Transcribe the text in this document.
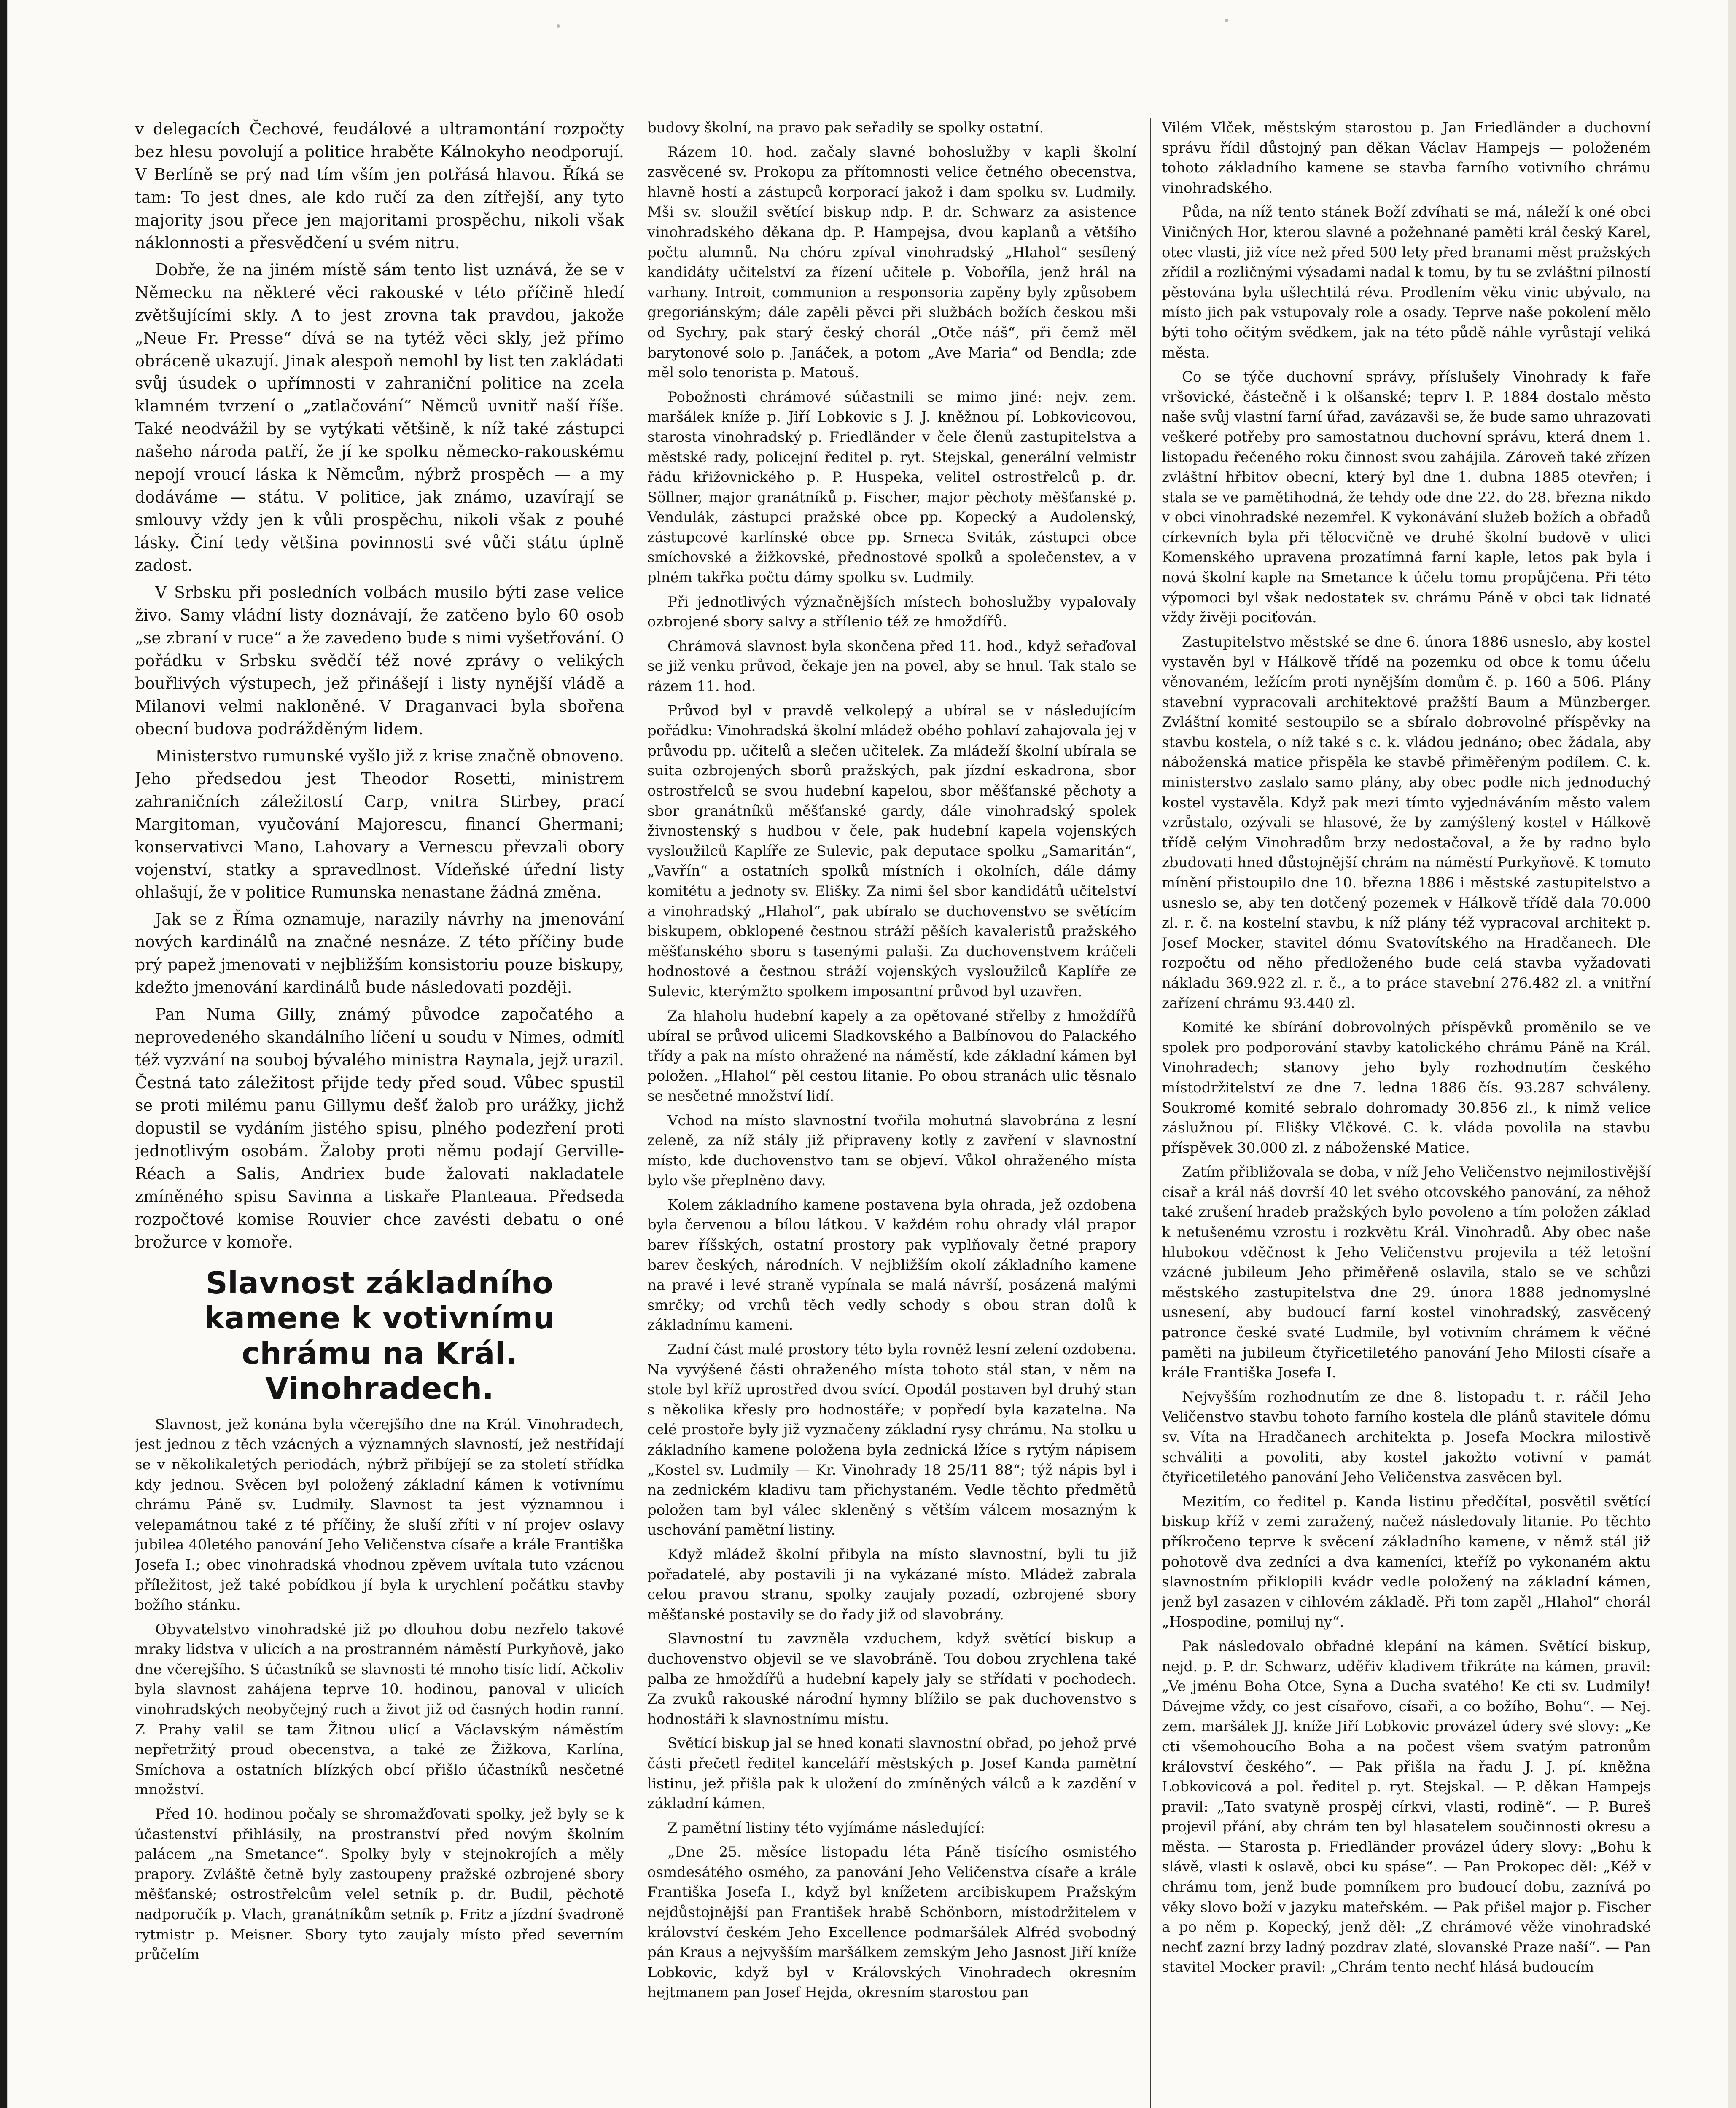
v delegacích Čechové, feudálové a ultramontání rozpočty bez hlesu povolují a politice hraběte Kálnokyho neodporují. V Berlíně se prý nad tím vším jen potřásá hlavou. Říká se tam: To jest dnes, ale kdo ručí za den zítřejší, any tyto majority jsou přece jen majoritami prospěchu, nikoli však náklonnosti a přesvědčení u svém nitru.

Dobře, že na jiném místě sám tento list uznává, že se v Německu na některé věci rakouské v této příčině hledí zvětšujícími skly. A to jest zrovna tak pravdou, jakože „Neue Fr. Presse“ dívá se na tytéž věci skly, jež přímo obráceně ukazují. Jinak alespoň nemohl by list ten zakládati svůj úsudek o upřímnosti v zahraniční politice na zcela klamném tvrzení o „zatlačování“ Němců uvnitř naší říše. Také neodvážil by se vytýkati většině, k níž také zástupci našeho národa patří, že jí ke spolku německo-rakouskému nepojí vroucí láska k Němcům, nýbrž prospěch — a my dodáváme — státu. V politice, jak známo, uzavírají se smlouvy vždy jen k vůli prospěchu, nikoli však z pouhé lásky. Činí tedy většina povinnosti své vůči státu úplně zadost.

V Srbsku při posledních volbách musilo býti zase velice živo. Samy vládní listy doznávají, že zatčeno bylo 60 osob „se zbraní v ruce“ a že zavedeno bude s nimi vyšetřování. O pořádku v Srbsku svědčí též nové zprávy o velikých bouřlivých výstupech, jež přinášejí i listy nynější vládě a Milanovi velmi nakloněné. V Draganvaci byla sbořena obecní budova podrážděným lidem.

Ministerstvo rumunské vyšlo již z krise značně obnoveno. Jeho předsedou jest Theodor Rosetti, ministrem zahraničních záležitostí Carp, vnitra Stirbey, prací Margitoman, vyučování Majorescu, financí Ghermani; konservativci Mano, Lahovary a Vernescu převzali obory vojenství, statky a spravedlnost. Vídeňské úřední listy ohlašují, že v politice Rumunska nenastane žádná změna.

Jak se z Říma oznamuje, narazily návrhy na jmenování nových kardinálů na značné nesnáze. Z této příčiny bude prý papež jmenovati v nejbližším konsistoriu pouze biskupy, kdežto jmenování kardinálů bude následovati později.

Pan Numa Gilly, známý původce započatého a neprovedeného skandálního líčení u soudu v Nimes, odmítl též vyzvání na souboj bývalého ministra Raynala, jejž urazil. Čestná tato záležitost přijde tedy před soud. Vůbec spustil se proti milému panu Gillymu dešť žalob pro urážky, jichž dopustil se vydáním jistého spisu, plného podezření proti jednotlivým osobám. Žaloby proti němu podají Gerville-Réach a Salis, Andriex bude žalovati nakladatele zmíněného spisu Savinna a tiskaře Planteaua. Předseda rozpočtové komise Rouvier chce zavésti debatu o oné brožurce v komoře.

Slavnost základního kamene k votivnímu chrámu na Král. Vinohradech.

Slavnost, jež konána byla včerejšího dne na Král. Vinohradech, jest jednou z těch vzácných a významných slavností, jež nestřídají se v několikaletých periodách, nýbrž přibíjejí se za století střídka kdy jednou. Svěcen byl položený základní kámen k votivnímu chrámu Páně sv. Ludmily. Slavnost ta jest významnou i velepamátnou také z té příčiny, že sluší zříti v ní projev oslavy jubilea 40letého panování Jeho Veličenstva císaře a krále Františka Josefa I.; obec vinohradská vhodnou zpěvem uvítala tuto vzácnou příležitost, jež také pobídkou jí byla k urychlení počátku stavby božího stánku.

Obyvatelstvo vinohradské již po dlouhou dobu nezřelo takové mraky lidstva v ulicích a na prostranném náměstí Purkyňově, jako dne včerejšího. S účastníků se slavnosti té mnoho tisíc lidí. Ačkoliv byla slavnost zahájena teprve 10. hodinou, panoval v ulicích vinohradských neobyčejný ruch a život již od časných hodin ranní. Z Prahy valil se tam Žitnou ulicí a Václavským náměstím nepřetržitý proud obecenstva, a také ze Žižkova, Karlína, Smíchova a ostatních blízkých obcí přišlo účastníků nesčetné množství.

Před 10. hodinou počaly se shromažďovati spolky, jež byly se k účastenství přihlásily, na prostranství před novým školním palácem „na Smetance“. Spolky byly v stejnokrojích a měly prapory. Zvláště četně byly zastoupeny pražské ozbrojené sbory měšťanské; ostrostřelcům velel setník p. dr. Budil, pěchotě nadporučík p. Vlach, granátníkům setník p. Fritz a jízdní švadroně rytmistr p. Meisner. Sbory tyto zaujaly místo před severním průčelím

budovy školní, na pravo pak seřadily se spolky ostatní.

Rázem 10. hod. začaly slavné bohoslužby v kapli školní zasvěcené sv. Prokopu za přítomnosti velice četného obecenstva, hlavně hostí a zástupců korporací jakož i dam spolku sv. Ludmily. Mši sv. sloužil světící biskup ndp. P. dr. Schwarz za asistence vinohradského děkana dp. P. Hampejsa, dvou kaplanů a většího počtu alumnů. Na chóru zpíval vinohradský „Hlahol“ sesílený kandidáty učitelství za řízení učitele p. Voboříla, jenž hrál na varhany. Introit, communion a responsoria zapěny byly způsobem gregoriánským; dále zapěli pěvci při službách božích českou mši od Sychry, pak starý český chorál „Otče náš“, při čemž měl barytonové solo p. Janáček, a potom „Ave Maria“ od Bendla; zde měl solo tenorista p. Matouš.

Pobožnosti chrámové súčastnili se mimo jiné: nejv. zem. maršálek kníže p. Jiří Lobkovic s J. J. kněžnou pí. Lobkovicovou, starosta vinohradský p. Friedländer v čele členů zastupitelstva a městské rady, policejní ředitel p. ryt. Stejskal, generální velmistr řádu křižovnického p. P. Huspeka, velitel ostrostřelců p. dr. Söllner, major granátníků p. Fischer, major pěchoty měšťanské p. Vendulák, zástupci pražské obce pp. Kopecký a Audolenský, zástupcové karlínské obce pp. Srneca Sviták, zástupci obce smíchovské a žižkovské, přednostové spolků a společenstev, a v plném takřka počtu dámy spolku sv. Ludmily.

Při jednotlivých význačnějších místech bohoslužby vypalovaly ozbrojené sbory salvy a střílenio též ze hmoždířů.

Chrámová slavnost byla skončena před 11. hod., když seřaďoval se již venku průvod, čekaje jen na povel, aby se hnul. Tak stalo se rázem 11. hod.

Průvod byl v pravdě velkolepý a ubíral se v následujícím pořádku: Vinohradská školní mládež obého pohlaví zahajovala jej v průvodu pp. učitelů a slečen učitelek. Za mládeží školní ubírala se suita ozbrojených sborů pražských, pak jízdní eskadrona, sbor ostrostřelců se svou hudební kapelou, sbor měšťanské pěchoty a sbor granátníků měšťanské gardy, dále vinohradský spolek živnostenský s hudbou v čele, pak hudební kapela vojenských vysloužilců Kaplíře ze Sulevic, pak deputace spolku „Samaritán“, „Vavřín“ a ostatních spolků místních i okolních, dále dámy komitétu a jednoty sv. Elišky. Za nimi šel sbor kandidátů učitelství a vinohradský „Hlahol“, pak ubíralo se duchovenstvo se světícím biskupem, obklopené čestnou stráží pěších kavaleristů pražského měšťanského sboru s tasenými palaši. Za duchovenstvem kráčeli hodnostové a čestnou stráží vojenských vysloužilců Kaplíře ze Sulevic, kterýmžto spolkem imposantní průvod byl uzavřen.

Za hlaholu hudební kapely a za opětované střelby z hmoždířů ubíral se průvod ulicemi Sladkovského a Balbínovou do Palackého třídy a pak na místo ohražené na náměstí, kde základní kámen byl položen. „Hlahol“ pěl cestou litanie. Po obou stranách ulic těsnalo se nesčetné množství lidí.

Vchod na místo slavnostní tvořila mohutná slavobrána z lesní zeleně, za níž stály již připraveny kotly z zavření v slavnostní místo, kde duchovenstvo tam se objeví. Vůkol ohraženého místa bylo vše přeplněno davy.

Kolem základního kamene postavena byla ohrada, jež ozdobena byla červenou a bílou látkou. V každém rohu ohrady vlál prapor barev říšských, ostatní prostory pak vyplňovaly četné prapory barev českých, národních. V nejbližším okolí základního kamene na pravé i levé straně vypínala se malá návrší, posázená malými smrčky; od vrchů těch vedly schody s obou stran dolů k základnímu kameni.

Zadní část malé prostory této byla rovněž lesní zelení ozdobena. Na vyvýšené části ohraženého místa tohoto stál stan, v něm na stole byl kříž uprostřed dvou svící. Opodál postaven byl druhý stan s několika křesly pro hodnostáře; v popředí byla kazatelna. Na celé prostoře byly již vyznačeny základní rysy chrámu. Na stolku u základního kamene položena byla zednická lžíce s rytým nápisem „Kostel sv. Ludmily — Kr. Vinohrady 18 25/11 88“; týž nápis byl i na zednickém kladivu tam přichystaném. Vedle těchto předmětů položen tam byl válec skleněný s větším válcem mosazným k uschování pamětní listiny.

Když mládež školní přibyla na místo slavnostní, byli tu již pořadatelé, aby postavili ji na vykázané místo. Mládež zabrala celou pravou stranu, spolky zaujaly pozadí, ozbrojené sbory měšťanské postavily se do řady již od slavobrány.

Slavnostní tu zavzněla vzduchem, když světící biskup a duchovenstvo objevil se ve slavobráně. Tou dobou zrychlena také palba ze hmoždířů a hudební kapely jaly se střídati v pochodech. Za zvuků rakouské národní hymny blížilo se pak duchovenstvo s hodnostáři k slavnostnímu místu.

Světící biskup jal se hned konati slavnostní obřad, po jehož prvé části přečetl ředitel kanceláří městských p. Josef Kanda pamětní listinu, jež přišla pak k uložení do zmíněných válců a k zazdění v základní kámen.

Z pamětní listiny této vyjímáme následující:

„Dne 25. měsíce listopadu léta Páně tisícího osmistého osmdesátého osmého, za panování Jeho Veličenstva císaře a krále Františka Josefa I., když byl knížetem arcibiskupem Pražským nejdůstojnější pan František hrabě Schönborn, místodržitelem v království českém Jeho Excellence podmaršálek Alfréd svobodný pán Kraus a nejvyšším maršálkem zemským Jeho Jasnost Jiří kníže Lobkovic, když byl v Královských Vinohradech okresním hejtmanem pan Josef Hejda, okresním starostou pan

Vilém Vlček, městským starostou p. Jan Friedländer a duchovní správu řídil důstojný pan děkan Václav Hampejs — položeném tohoto základního kamene se stavba farního votivního chrámu vinohradského.

Půda, na níž tento stánek Boží zdvíhati se má, náleží k oné obci Viničných Hor, kterou slavné a požehnané paměti král český Karel, otec vlasti, již více než před 500 lety před branami měst pražských zřídil a rozličnými výsadami nadal k tomu, by tu se zvláštní pilností pěstována byla ušlechtilá réva. Prodlením věku vinic ubývalo, na místo jich pak vstupovaly role a osady. Teprve naše pokolení mělo býti toho očitým svědkem, jak na této půdě náhle vyrůstají veliká města.

Co se týče duchovní správy, příslušely Vinohrady k faře vršovické, částečně i k olšanské; teprv l. P. 1884 dostalo město naše svůj vlastní farní úřad, zavázavši se, že bude samo uhrazovati veškeré potřeby pro samostatnou duchovní správu, která dnem 1. listopadu řečeného roku činnost svou zahájila. Zároveň také zřízen zvláštní hřbitov obecní, který byl dne 1. dubna 1885 otevřen; i stala se ve pamětihodná, že tehdy ode dne 22. do 28. března nikdo v obci vinohradské nezemřel. K vykonávání služeb božích a obřadů církevních byla při tělocvičně ve druhé školní budově v ulici Komenského upravena prozatímná farní kaple, letos pak byla i nová školní kaple na Smetance k účelu tomu propůjčena. Při této výpomoci byl však nedostatek sv. chrámu Páně v obci tak lidnaté vždy živěji pociťován.

Zastupitelstvo městské se dne 6. února 1886 usneslo, aby kostel vystavěn byl v Hálkově třídě na pozemku od obce k tomu účelu věnovaném, ležícím proti nynějším domům č. p. 160 a 506. Plány stavební vypracovali architektové pražští Baum a Münzberger. Zvláštní komité sestoupilo se a sbíralo dobrovolné příspěvky na stavbu kostela, o níž také s c. k. vládou jednáno; obec žádala, aby náboženská matice přispěla ke stavbě přiměřeným podílem. C. k. ministerstvo zaslalo samo plány, aby obec podle nich jednoduchý kostel vystavěla. Když pak mezi tímto vyjednáváním město valem vzrůstalo, ozývali se hlasové, že by zamýšlený kostel v Hálkově třídě celým Vinohradům brzy nedostačoval, a že by radno bylo zbudovati hned důstojnější chrám na náměstí Purkyňově. K tomuto mínění přistoupilo dne 10. března 1886 i městské zastupitelstvo a usneslo se, aby ten dotčený pozemek v Hálkově třídě dala 70.000 zl. r. č. na kostelní stavbu, k níž plány též vypracoval architekt p. Josef Mocker, stavitel dómu Svatovítského na Hradčanech. Dle rozpočtu od něho předloženého bude celá stavba vyžadovati nákladu 369.922 zl. r. č., a to práce stavební 276.482 zl. a vnitřní zařízení chrámu 93.440 zl.

Komité ke sbírání dobrovolných příspěvků proměnilo se ve spolek pro podporování stavby katolického chrámu Páně na Král. Vinohradech; stanovy jeho byly rozhodnutím českého místodržitelství ze dne 7. ledna 1886 čís. 93.287 schváleny. Soukromé komité sebralo dohromady 30.856 zl., k nimž velice záslužnou pí. Elišky Vlčkové. C. k. vláda povolila na stavbu příspěvek 30.000 zl. z náboženské Matice.

Zatím přibližovala se doba, v níž Jeho Veličenstvo nejmilostivější císař a král náš dovrší 40 let svého otcovského panování, za něhož také zrušení hradeb pražských bylo povoleno a tím položen základ k netušenému vzrostu i rozkvětu Král. Vinohradů. Aby obec naše hlubokou vděčnost k Jeho Veličenstvu projevila a též letošní vzácné jubileum Jeho přiměřeně oslavila, stalo se ve schůzi městského zastupitelstva dne 29. února 1888 jednomyslné usnesení, aby budoucí farní kostel vinohradský, zasvěcený patronce české svaté Ludmile, byl votivním chrámem k věčné paměti na jubileum čtyřicetiletého panování Jeho Milosti císaře a krále Františka Josefa I.

Nejvyšším rozhodnutím ze dne 8. listopadu t. r. ráčil Jeho Veličenstvo stavbu tohoto farního kostela dle plánů stavitele dómu sv. Víta na Hradčanech architekta p. Josefa Mockra milostivě schváliti a povoliti, aby kostel jakožto votivní v památ čtyřicetiletého panování Jeho Veličenstva zasvěcen byl.

Mezitím, co ředitel p. Kanda listinu předčítal, posvětil světící biskup kříž v zemi zaražený, načež následovaly litanie. Po těchto příkročeno teprve k svěcení základního kamene, v němž stál již pohotově dva zedníci a dva kameníci, kteříž po vykonaném aktu slavnostním přiklopili kvádr vedle položený na základní kámen, jenž byl zasazen v cihlovém základě. Při tom zapěl „Hlahol“ chorál „Hospodine, pomiluj ny“.

Pak následovalo obřadné klepání na kámen. Světící biskup, nejd. p. P. dr. Schwarz, uděřiv kladivem třikráte na kámen, pravil: „Ve jménu Boha Otce, Syna a Ducha svatého! Ke cti sv. Ludmily! Dávejme vždy, co jest císařovo, císaři, a co božího, Bohu“. — Nej. zem. maršálek JJ. kníže Jiří Lobkovic provázel údery své slovy: „Ke cti všemohoucího Boha a na počest všem svatým patronům království českého“. — Pak přišla na řadu J. J. pí. kněžna Lobkovicová a pol. ředitel p. ryt. Stejskal. — P. děkan Hampejs pravil: „Tato svatyně prospěj církvi, vlasti, rodině“. — P. Bureš projevil přání, aby chrám ten byl hlasatelem součinnosti okresu a města. — Starosta p. Friedländer provázel údery slovy: „Bohu k slávě, vlasti k oslavě, obci ku spáse“. — Pan Prokopec děl: „Kéž v chrámu tom, jenž bude pomníkem pro budoucí dobu, zaznívá po věky slovo boží v jazyku mateřském. — Pak přišel major p. Fischer a po něm p. Kopecký, jenž děl: „Z chrámové věže vinohradské nechť zazní brzy ladný pozdrav zlaté, slovanské Praze naší“. — Pan stavitel Mocker pravil: „Chrám tento nechť hlásá budoucím
